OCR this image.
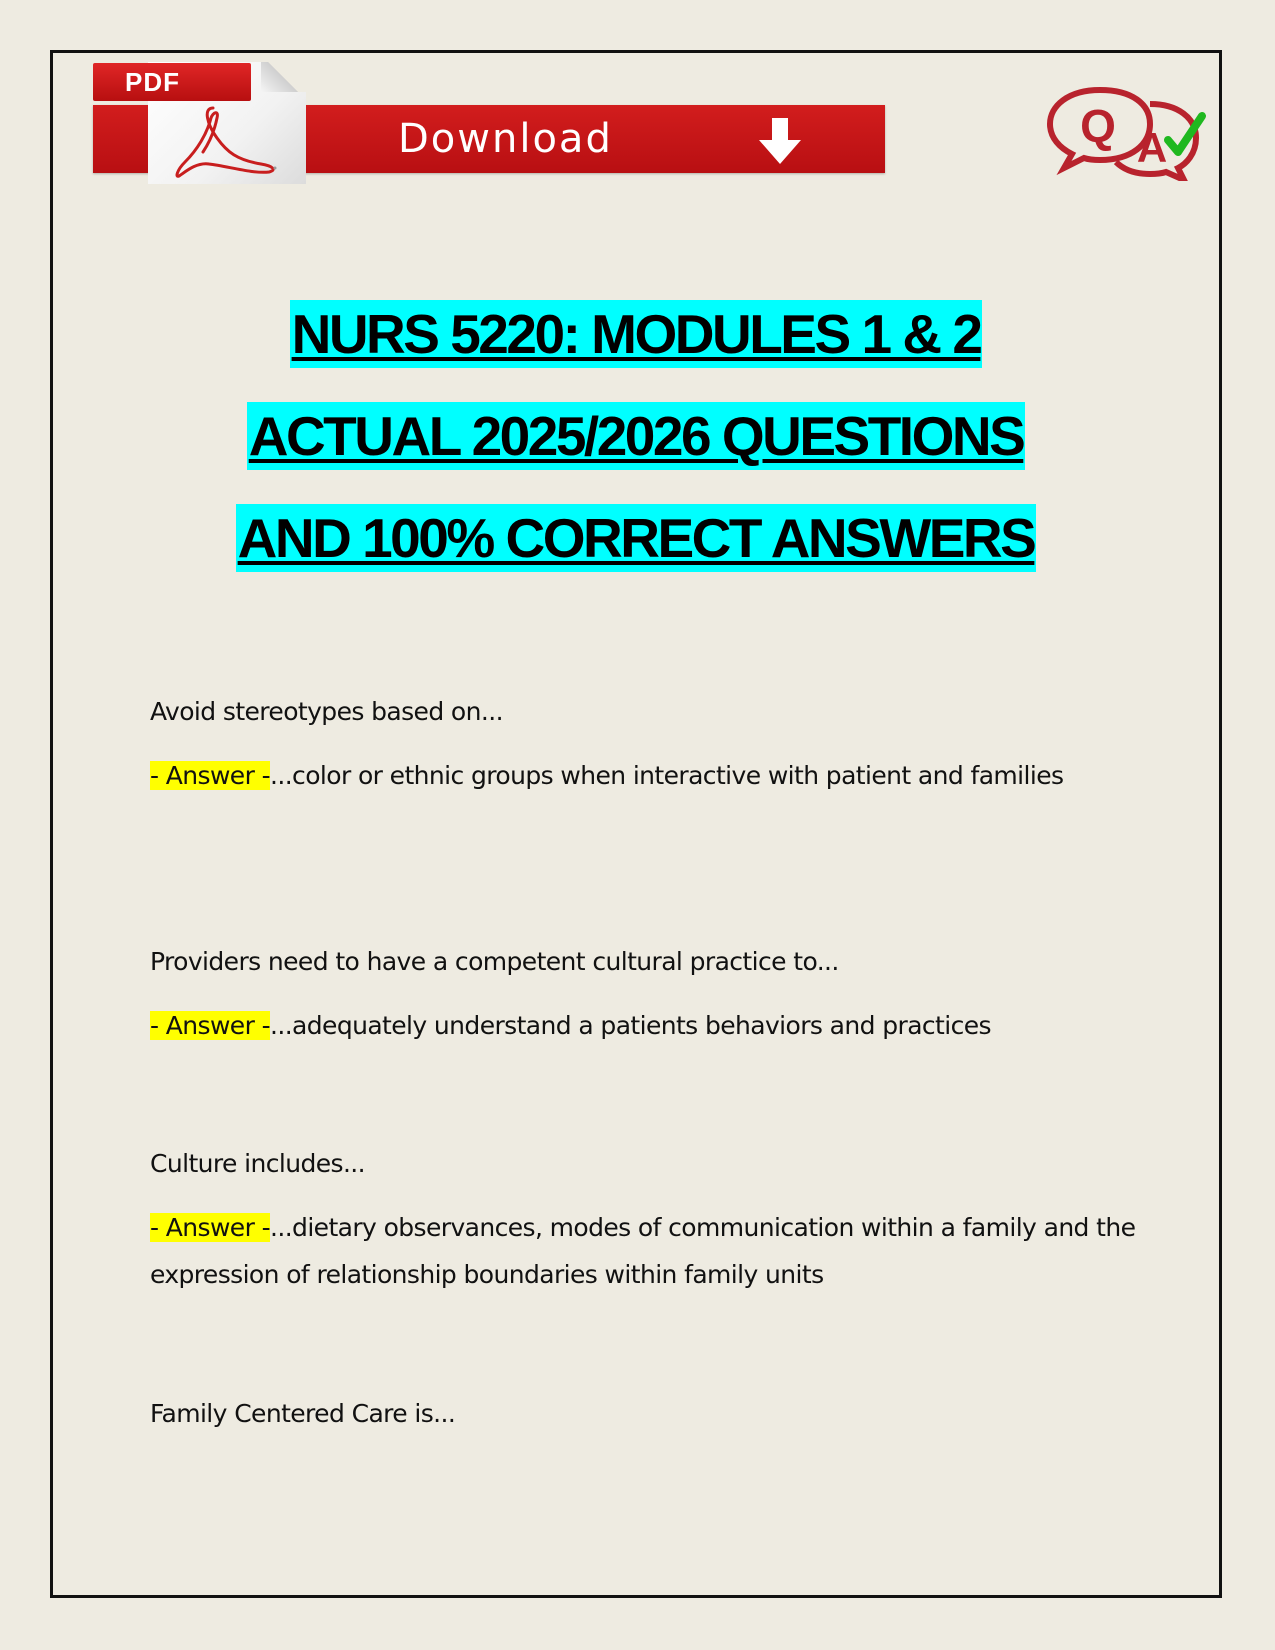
PDF
Download	Q A
NURS 5220: MODULES 1 & 2
ACTUAL 2025/2026 QUESTIONS
AND 100% CORRECT ANSWERS

Avoid stereotypes based on...

- Answer -...color or ethnic groups when interactive with patient and families

Providers need to have a competent cultural practice to...

- Answer -...adequately understand a patients behaviors and practices

Culture includes...

- Answer -...dietary observances, modes of communication within a family and the expression of relationship boundaries within family units

Family Centered Care is...
